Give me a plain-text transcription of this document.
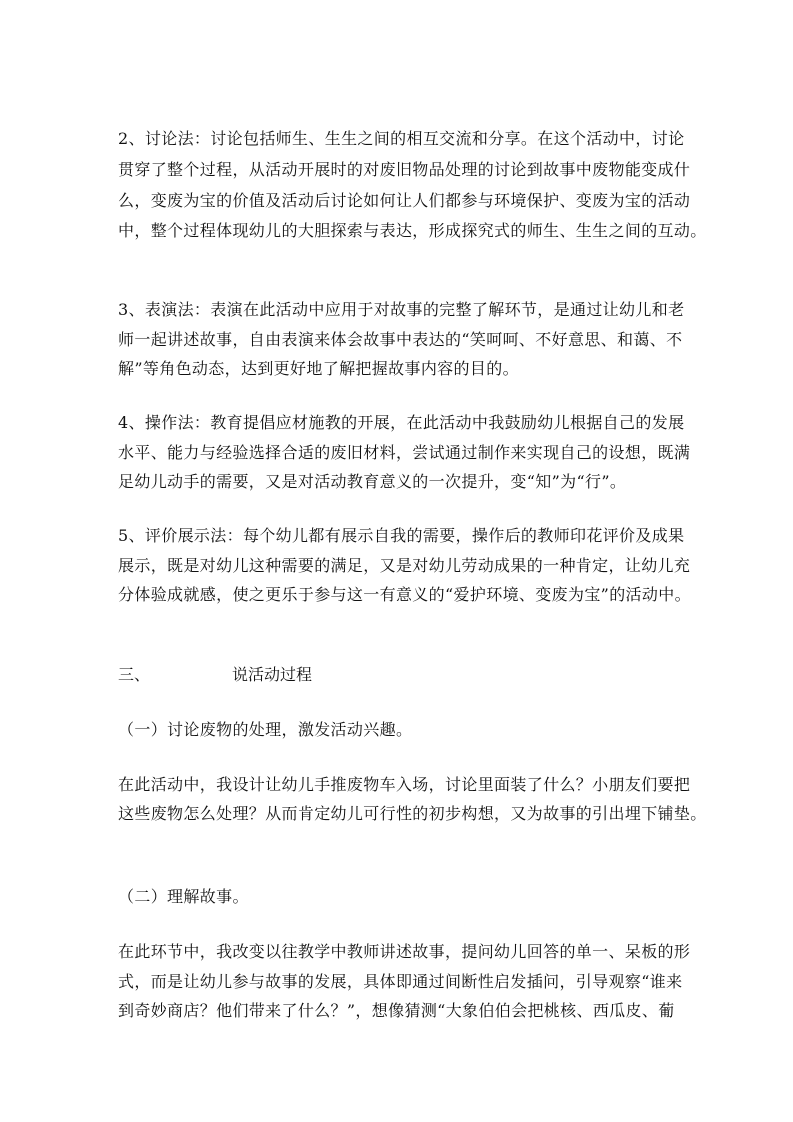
2、讨论法：讨论包括师生、生生之间的相互交流和分享。在这个活动中，讨论
贯穿了整个过程，从活动开展时的对废旧物品处理的讨论到故事中废物能变成什
么，变废为宝的价值及活动后讨论如何让人们都参与环境保护、变废为宝的活动
中，整个过程体现幼儿的大胆探索与表达，形成探究式的师生、生生之间的互动。
3、表演法：表演在此活动中应用于对故事的完整了解环节，是通过让幼儿和老
师一起讲述故事，自由表演来体会故事中表达的“笑呵呵、不好意思、和蔼、不
解”等角色动态，达到更好地了解把握故事内容的目的。
4、操作法：教育提倡应材施教的开展，在此活动中我鼓励幼儿根据自己的发展
水平、能力与经验选择合适的废旧材料，尝试通过制作来实现自己的设想，既满
足幼儿动手的需要，又是对活动教育意义的一次提升，变“知”为“行”。
5、评价展示法：每个幼儿都有展示自我的需要，操作后的教师印花评价及成果
展示，既是对幼儿这种需要的满足，又是对幼儿劳动成果的一种肯定，让幼儿充
分体验成就感，使之更乐于参与这一有意义的“爱护环境、变废为宝”的活动中。
三、	说活动过程
（一）讨论废物的处理，激发活动兴趣。
在此活动中，我设计让幼儿手推废物车入场，讨论里面装了什么？小朋友们要把
这些废物怎么处理？从而肯定幼儿可行性的初步构想，又为故事的引出埋下铺垫。
（二）理解故事。
在此环节中，我改变以往教学中教师讲述故事，提问幼儿回答的单一、呆板的形
式，而是让幼儿参与故事的发展，具体即通过间断性启发插问，引导观察“谁来
到奇妙商店？他们带来了什么？”，想像猜测“大象伯伯会把桃核、西瓜皮、葡
